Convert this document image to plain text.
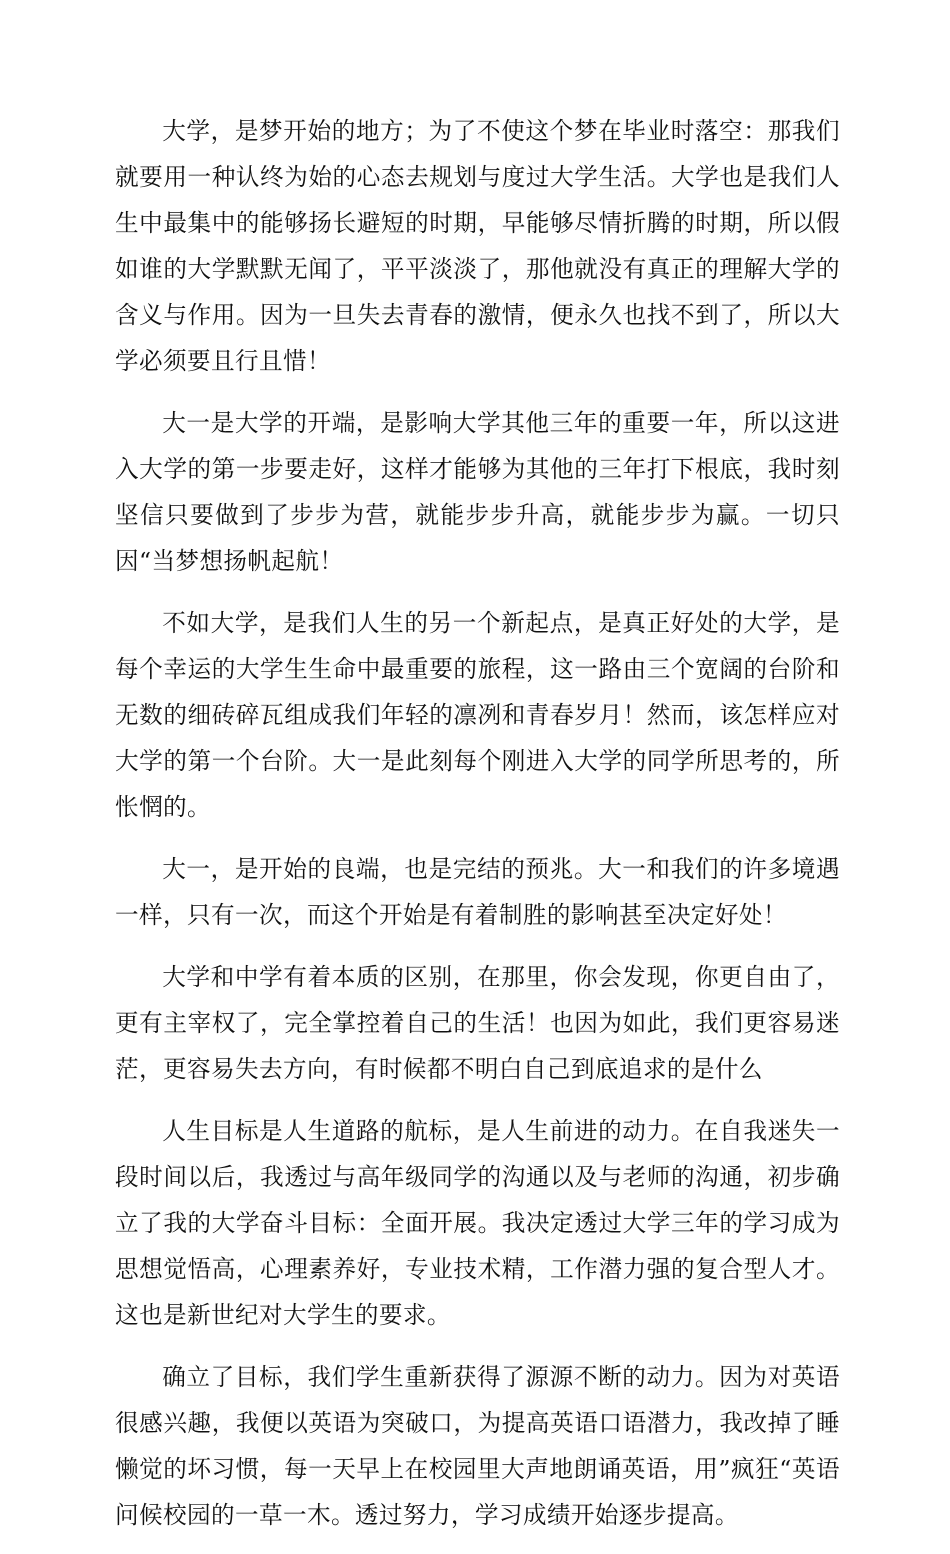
大学，是梦开始的地方；为了不使这个梦在毕业时落空：那我们就要用一种认终为始的心态去规划与度过大学生活。大学也是我们人生中最集中的能够扬长避短的时期，早能够尽情折腾的时期，所以假如谁的大学默默无闻了，平平淡淡了，那他就没有真正的理解大学的含义与作用。因为一旦失去青春的激情，便永久也找不到了，所以大学必须要且行且惜！

大一是大学的开端，是影响大学其他三年的重要一年，所以这进入大学的第一步要走好，这样才能够为其他的三年打下根底，我时刻坚信只要做到了步步为营，就能步步升高，就能步步为赢。一切只因“当梦想扬帆起航！

不如大学，是我们人生的另一个新起点，是真正好处的大学，是每个幸运的大学生生命中最重要的旅程，这一路由三个宽阔的台阶和无数的细砖碎瓦组成我们年轻的凛冽和青春岁月！然而，该怎样应对大学的第一个台阶。大一是此刻每个刚进入大学的同学所思考的，所怅惘的。

大一，是开始的良端，也是完结的预兆。大一和我们的许多境遇一样，只有一次，而这个开始是有着制胜的影响甚至决定好处！

大学和中学有着本质的区别，在那里，你会发现，你更自由了，更有主宰权了，完全掌控着自己的生活！也因为如此，我们更容易迷茫，更容易失去方向，有时候都不明白自己到底追求的是什么

人生目标是人生道路的航标，是人生前进的动力。在自我迷失一段时间以后，我透过与高年级同学的沟通以及与老师的沟通，初步确立了我的大学奋斗目标：全面开展。我决定透过大学三年的学习成为思想觉悟高，心理素养好，专业技术精，工作潜力强的复合型人才。这也是新世纪对大学生的要求。

确立了目标，我们学生重新获得了源源不断的动力。因为对英语很感兴趣，我便以英语为突破口，为提高英语口语潜力，我改掉了睡懒觉的坏习惯，每一天早上在校园里大声地朗诵英语，用”疯狂“英语问候校园的一草一木。透过努力，学习成绩开始逐步提高。
